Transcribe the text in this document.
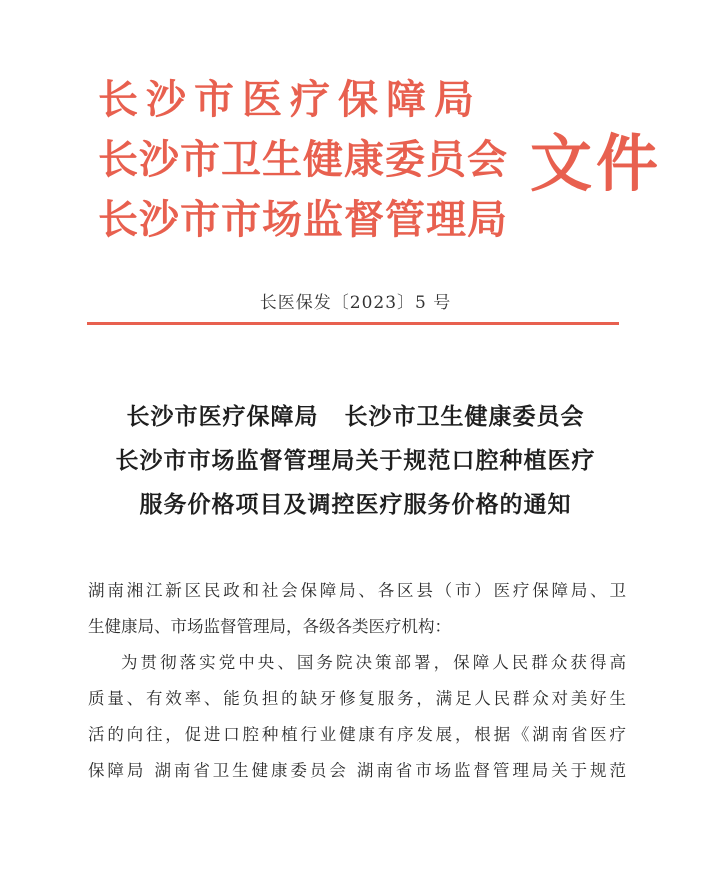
长沙市医疗保障局
长沙市卫生健康委员会
长沙市市场监督管理局
文件
长医保发〔2023〕5 号
长沙市医疗保障局 长沙市卫生健康委员会
长沙市市场监督管理局关于规范口腔种植医疗
服务价格项目及调控医疗服务价格的通知
湖南湘江新区民政和社会保障局、各区县（市）医疗保障局、卫
生健康局、市场监督管理局，各级各类医疗机构：
为贯彻落实党中央、国务院决策部署，保障人民群众获得高
质量、有效率、能负担的缺牙修复服务，满足人民群众对美好生
活的向往，促进口腔种植行业健康有序发展，根据《湖南省医疗
保障局 湖南省卫生健康委员会 湖南省市场监督管理局关于规范
